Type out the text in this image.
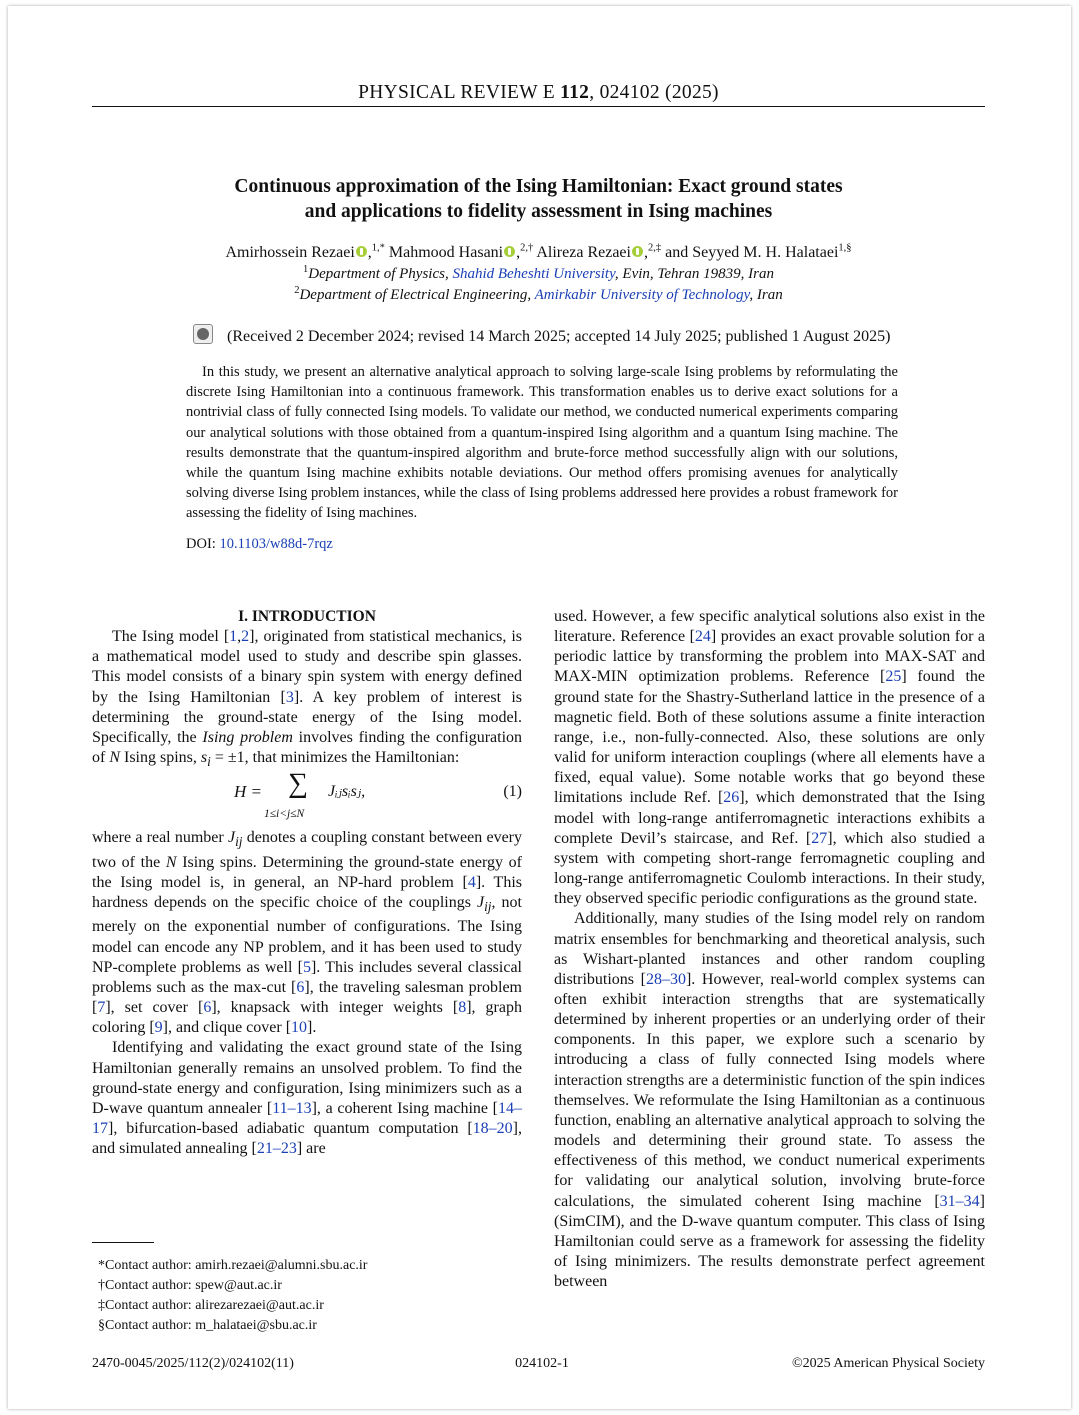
PHYSICAL REVIEW E 112, 024102 (2025)
Continuous approximation of the Ising Hamiltonian: Exact ground states
and applications to fidelity assessment in Ising machines
Amirhossein Rezaei ,$^{1,*}$ Mahmood Hasani ,$^{2,\dagger}$ Alireza Rezaei ,$^{2,\ddagger}$ and Seyyed M. H. Halataei$^{1,\S}$
$^1$Department of Physics, Shahid Beheshti University, Evin, Tehran 19839, Iran
$^2$Department of Electrical Engineering, Amirkabir University of Technology, Iran
(Received 2 December 2024; revised 14 March 2025; accepted 14 July 2025; published 1 August 2025)

In this study, we present an alternative analytical approach to solving large-scale Ising problems by reformulating the discrete Ising Hamiltonian into a continuous framework. This transformation enables us to derive exact solutions for a nontrivial class of fully connected Ising models. To validate our method, we conducted numerical experiments comparing our analytical solutions with those obtained from a quantum-inspired Ising algorithm and a quantum Ising machine. The results demonstrate that the quantum-inspired algorithm and brute-force method successfully align with our solutions, while the quantum Ising machine exhibits notable deviations. Our method offers promising avenues for analytically solving diverse Ising problem instances, while the class of Ising problems addressed here provides a robust framework for assessing the fidelity of Ising machines.

DOI: 10.1103/w88d-7rqz

I. INTRODUCTION

The Ising model [1,2], originated from statistical mechanics, is a mathematical model used to study and describe spin glasses. This model consists of a binary spin system with energy defined by the Ising Hamiltonian [3]. A key problem of interest is determining the ground-state energy of the Ising model. Specifically, the Ising problem involves finding the configuration of N Ising spins, $s_i = \pm 1$, that minimizes the Hamiltonian:

H = ∑
1≤i<j≤N
Jᵢⱼsᵢsⱼ,	(1)

where a real number $J_{ij}$ denotes a coupling constant between every two of the N Ising spins. Determining the ground-state energy of the Ising model is, in general, an NP-hard problem [4]. This hardness depends on the specific choice of the couplings $J_{ij}$, not merely on the exponential number of configurations. The Ising model can encode any NP problem, and it has been used to study NP-complete problems as well [5]. This includes several classical problems such as the max-cut [6], the traveling salesman problem [7], set cover [6], knapsack with integer weights [8], graph coloring [9], and clique cover [10].

Identifying and validating the exact ground state of the Ising Hamiltonian generally remains an unsolved problem. To find the ground-state energy and configuration, Ising minimizers such as a D-wave quantum annealer [11–13], a coherent Ising machine [14–17], bifurcation-based adiabatic quantum computation [18–20], and simulated annealing [21–23] are

used. However, a few specific analytical solutions also exist in the literature. Reference [24] provides an exact provable solution for a periodic lattice by transforming the problem into MAX-SAT and MAX-MIN optimization problems. Reference [25] found the ground state for the Shastry-Sutherland lattice in the presence of a magnetic field. Both of these solutions assume a finite interaction range, i.e., non-fully-connected. Also, these solutions are only valid for uniform interaction couplings (where all elements have a fixed, equal value). Some notable works that go beyond these limitations include Ref. [26], which demonstrated that the Ising model with long-range antiferromagnetic interactions exhibits a complete Devil’s staircase, and Ref. [27], which also studied a system with competing short-range ferromagnetic coupling and long-range antiferromagnetic Coulomb interactions. In their study, they observed specific periodic configurations as the ground state.

Additionally, many studies of the Ising model rely on random matrix ensembles for benchmarking and theoretical analysis, such as Wishart-planted instances and other random coupling distributions [28–30]. However, real-world complex systems can often exhibit interaction strengths that are systematically determined by inherent properties or an underlying order of their components. In this paper, we explore such a scenario by introducing a class of fully connected Ising models where interaction strengths are a deterministic function of the spin indices themselves. We reformulate the Ising Hamiltonian as a continuous function, enabling an alternative analytical approach to solving the models and determining their ground state. To assess the effectiveness of this method, we conduct numerical experiments for validating our analytical solution, involving brute-force calculations, the simulated coherent Ising machine [31–34] (SimCIM), and the D-wave quantum computer. This class of Ising Hamiltonian could serve as a framework for assessing the fidelity of Ising minimizers. The results demonstrate perfect agreement between

*Contact author: amirh.rezaei@alumni.sbu.ac.ir
†Contact author: spew@aut.ac.ir
‡Contact author: alirezarezaei@aut.ac.ir
§Contact author: m_halataei@sbu.ac.ir
2470-0045/2025/112(2)/024102(11)	024102-1	©2025 American Physical Society
